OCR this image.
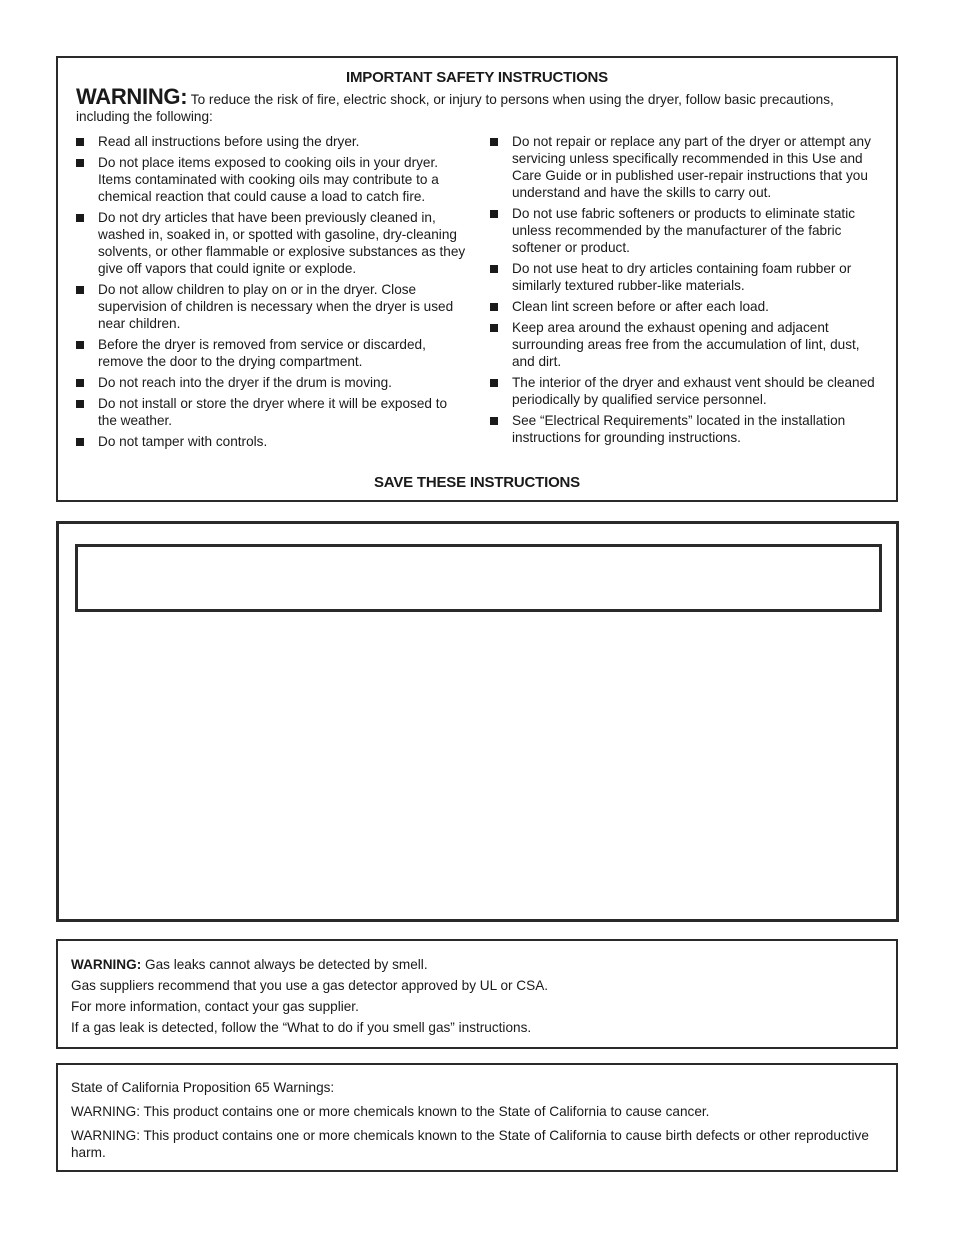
IMPORTANT SAFETY INSTRUCTIONS
WARNING: To reduce the risk of fire, electric shock, or injury to persons when using the dryer, follow basic precautions, including the following:
Read all instructions before using the dryer.
Do not place items exposed to cooking oils in your dryer. Items contaminated with cooking oils may contribute to a chemical reaction that could cause a load to catch fire.
Do not dry articles that have been previously cleaned in, washed in, soaked in, or spotted with gasoline, dry-cleaning solvents, or other flammable or explosive substances as they give off vapors that could ignite or explode.
Do not allow children to play on or in the dryer. Close supervision of children is necessary when the dryer is used near children.
Before the dryer is removed from service or discarded, remove the door to the drying compartment.
Do not reach into the dryer if the drum is moving.
Do not install or store the dryer where it will be exposed to the weather.
Do not tamper with controls.
Do not repair or replace any part of the dryer or attempt any servicing unless specifically recommended in this Use and Care Guide or in published user-repair instructions that you understand and have the skills to carry out.
Do not use fabric softeners or products to eliminate static unless recommended by the manufacturer of the fabric softener or product.
Do not use heat to dry articles containing foam rubber or similarly textured rubber-like materials.
Clean lint screen before or after each load.
Keep area around the exhaust opening and adjacent surrounding areas free from the accumulation of lint, dust, and dirt.
The interior of the dryer and exhaust vent should be cleaned periodically by qualified service personnel.
See “Electrical Requirements” located in the installation instructions for grounding instructions.
SAVE THESE INSTRUCTIONS
WARNING: Gas leaks cannot always be detected by smell.
Gas suppliers recommend that you use a gas detector approved by UL or CSA.
For more information, contact your gas supplier.
If a gas leak is detected, follow the “What to do if you smell gas” instructions.

State of California Proposition 65 Warnings:

WARNING: This product contains one or more chemicals known to the State of California to cause cancer.

WARNING: This product contains one or more chemicals known to the State of California to cause birth defects or other reproductive harm.
